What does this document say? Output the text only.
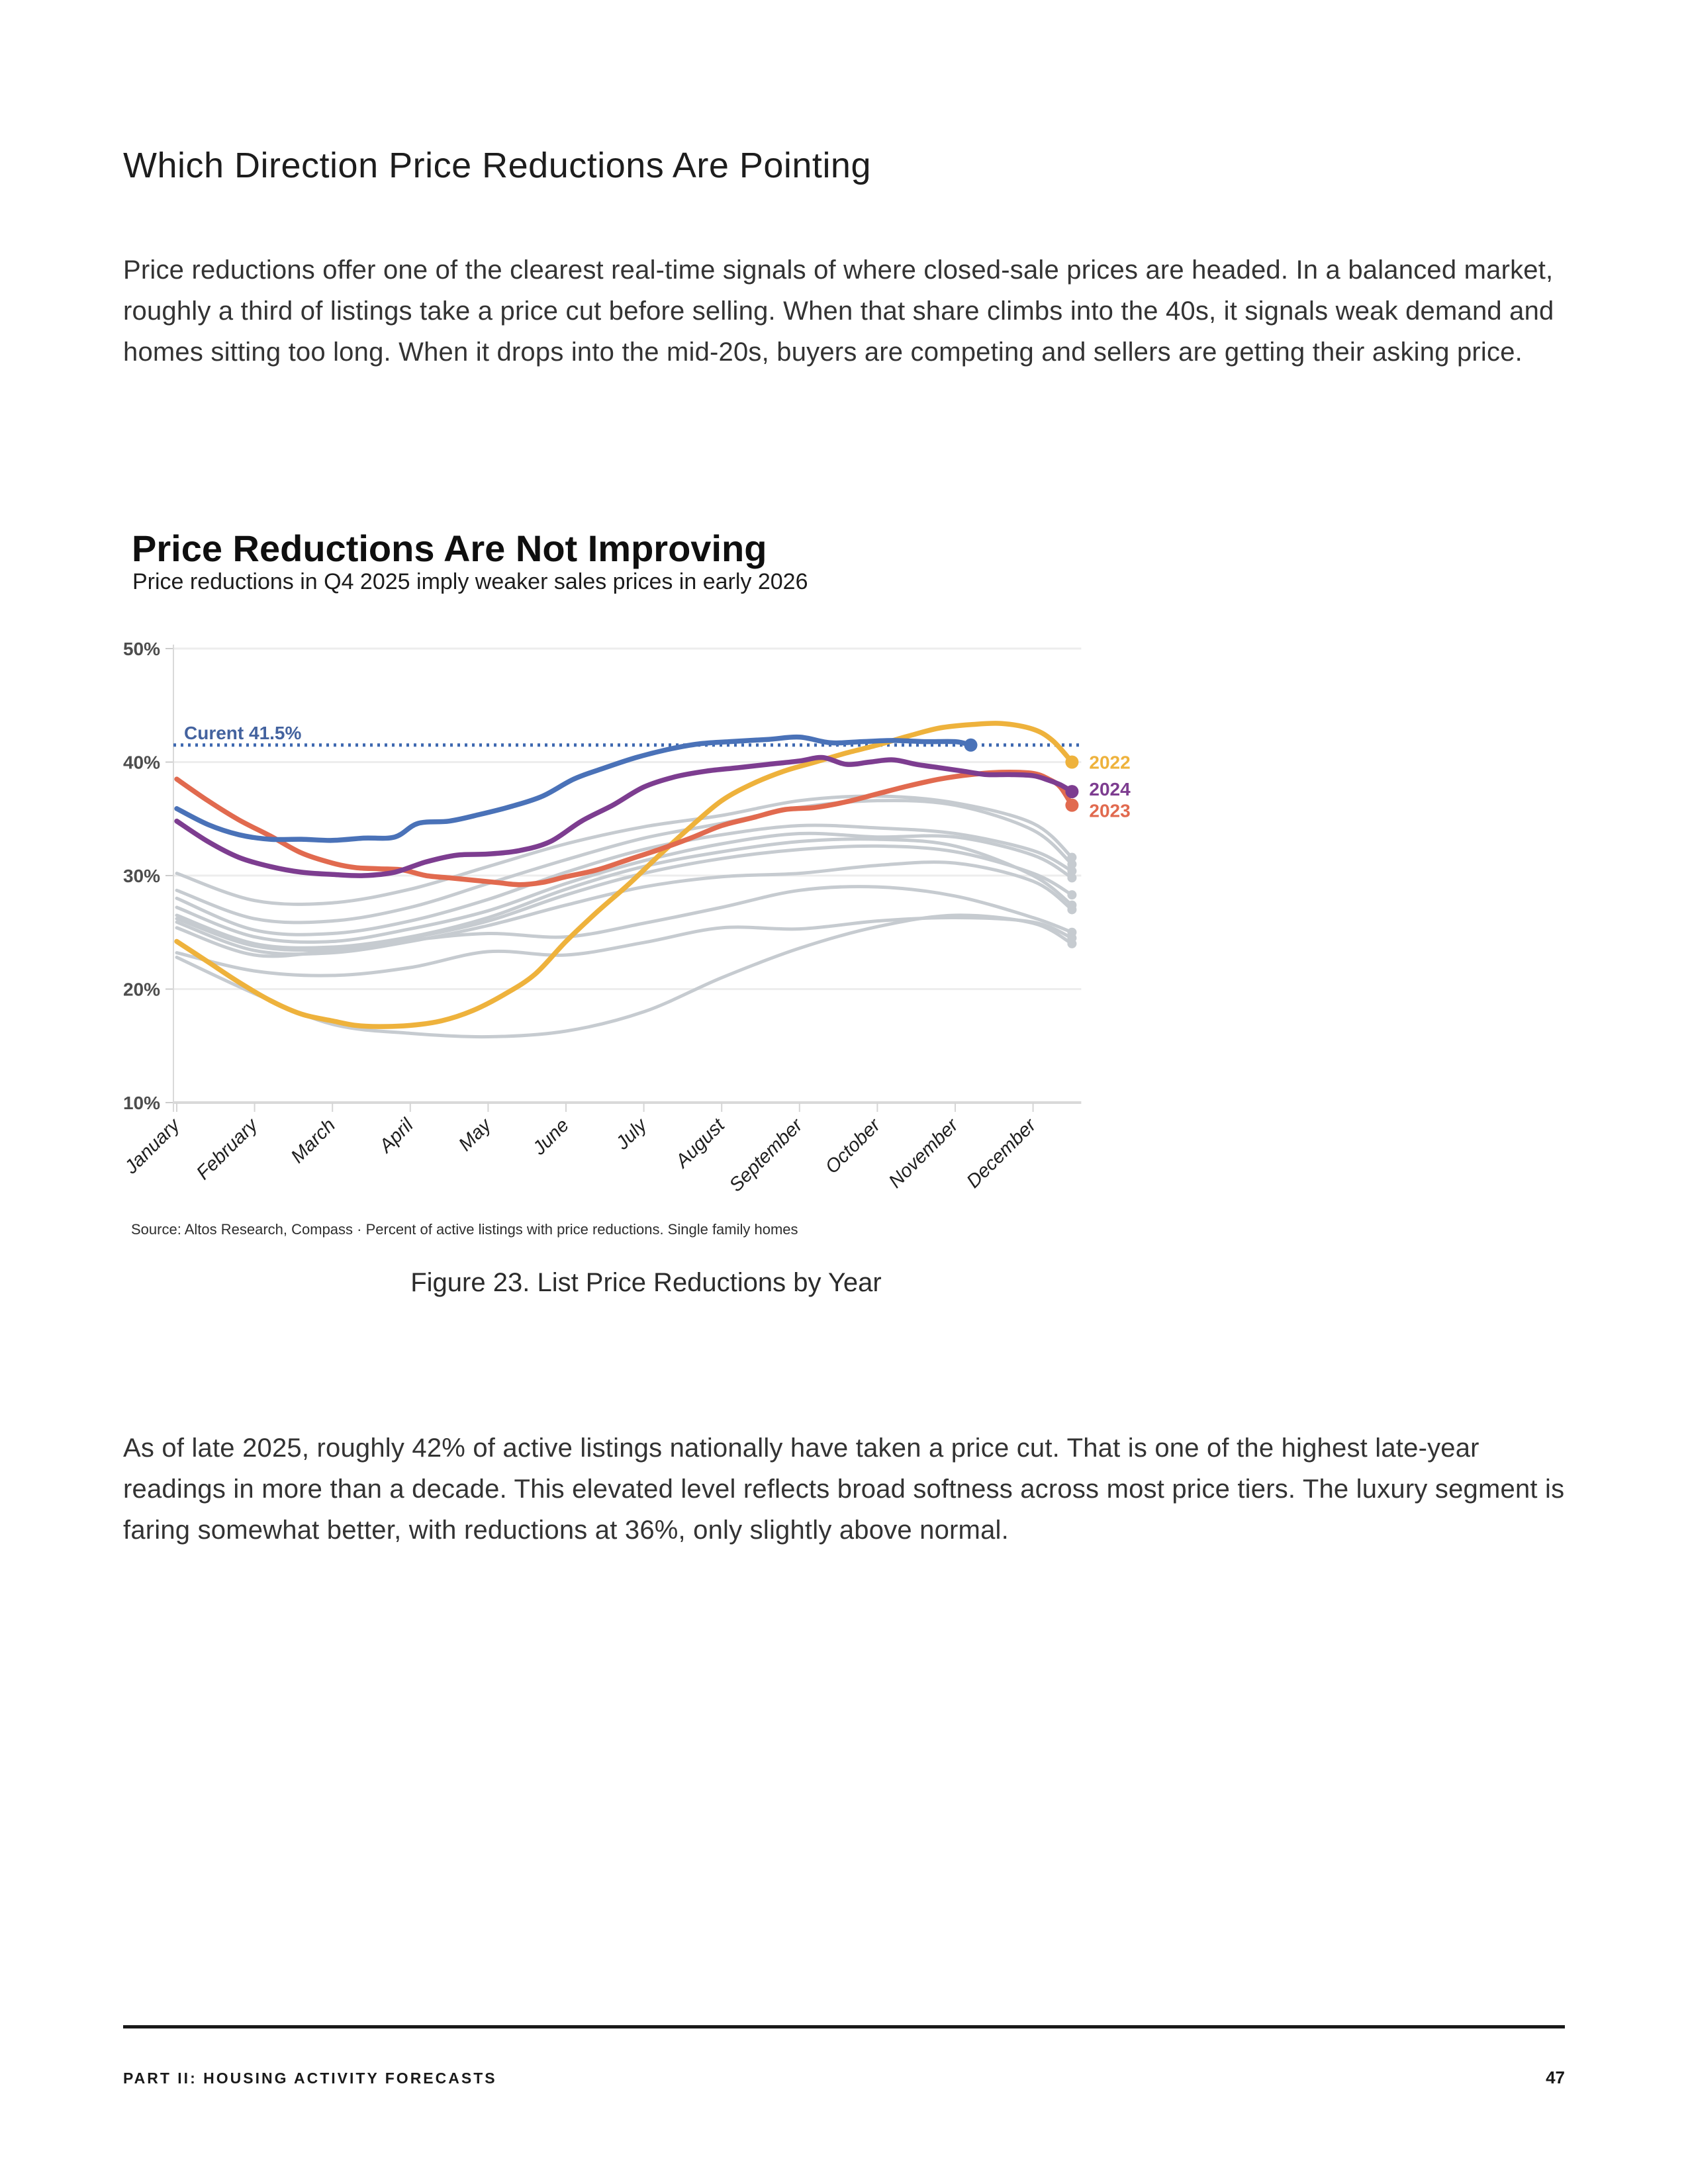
Which Direction Price Reductions Are Pointing

Price reductions offer one of the clearest real-time signals of where closed-sale prices are headed. In a balanced market, roughly a third of listings take a price cut before selling. When that share climbs into the 40s, it signals weak demand and homes sitting too long. When it drops into the mid-20s, buyers are competing and sellers are getting their asking price.

Price Reductions Are Not Improving
Price reductions in Q4 2025 imply weaker sales prices in early 2026
50%
40%
30%
20%
10%
January February March April May June July August
September October November December
Curent 41.5%
2022
2024
2023
Source: Altos Research, Compass · Percent of active listings with price reductions. Single family homes
Figure 23. List Price Reductions by Year

As of late 2025, roughly 42% of active listings nationally have taken a price cut. That is one of the highest late-year readings in more than a decade. This elevated level reflects broad softness across most price tiers. The luxury segment is faring somewhat better, with reductions at 36%, only slightly above normal.

PART II: HOUSING ACTIVITY FORECASTS	47
